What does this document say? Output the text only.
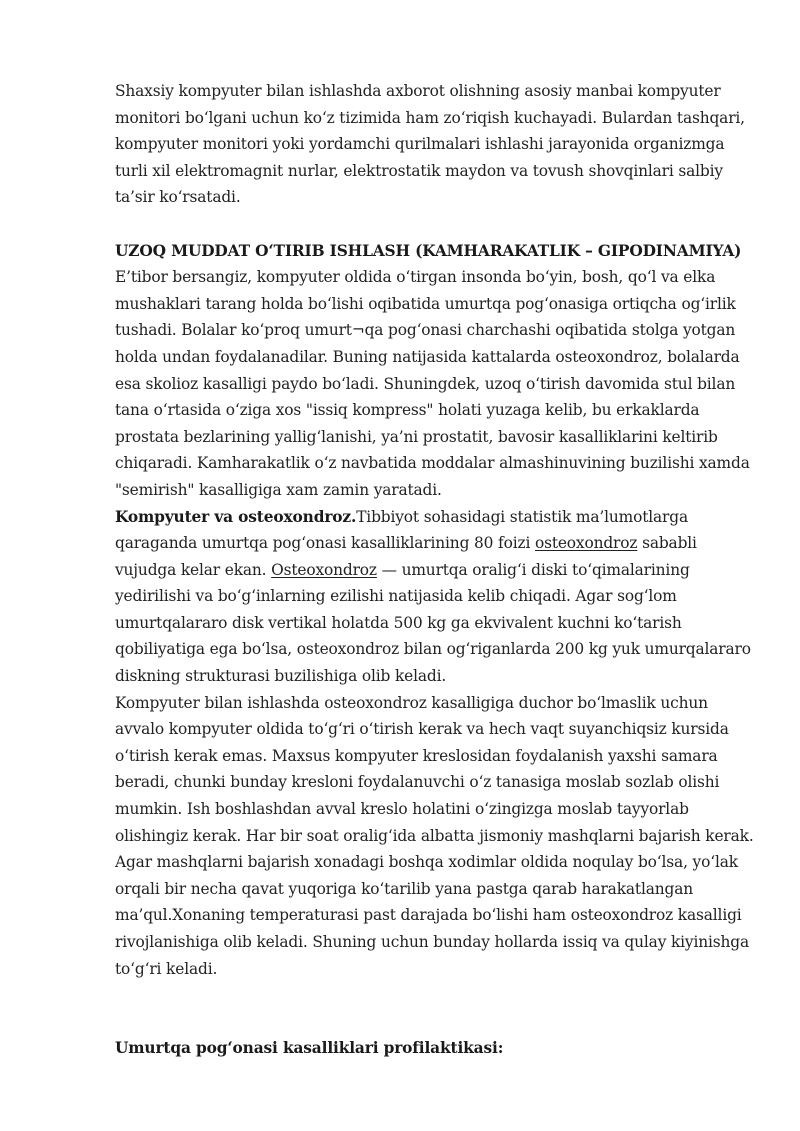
Shaxsiy kompyuter bilan ishlashda axborot olishning asosiy manbai kompyuter monitori bo‘lgani uchun ko‘z tizimida ham zo‘riqish kuchayadi. Bulardan tashqari, kompyuter monitori yoki yordamchi qurilmalari ishlashi jarayonida organizmga turli xil elektromagnit nurlar, elektrostatik maydon va tovush shovqinlari salbiy ta’sir ko‘rsatadi.

UZOQ MUDDAT O‘TIRIB ISHLASH (KAMHARAKATLIK – GIPODINAMIYA)

E’tibor bersangiz, kompyuter oldida o‘tirgan insonda bo‘yin, bosh, qo‘l va elka mushaklari tarang holda bo‘lishi oqibatida umurtqa pog‘onasiga ortiqcha og‘irlik tushadi. Bolalar ko‘proq umurt¬qa pog‘onasi charchashi oqibatida stolga yotgan holda undan foydalanadilar. Buning natijasida kattalarda osteoxondroz, bolalarda esa skolioz kasalligi paydo bo‘ladi. Shuningdek, uzoq o‘tirish davomida stul bilan tana o‘rtasida o‘ziga xos "issiq kompress" holati yuzaga kelib, bu erkaklarda prostata bezlarining yallig‘lanishi, ya’ni prostatit, bavosir kasalliklarini keltirib chiqaradi. Kamharakatlik o‘z navbatida moddalar almashinuvining buzilishi xamda "semirish" kasalligiga xam zamin yaratadi.

Kompyuter va osteoxondroz.Tibbiyot sohasidagi statistik ma’lumotlarga qaraganda umurtqa pog‘onasi kasalliklarining 80 foizi osteoxondroz sababli vujudga kelar ekan. Osteoxondroz — umurtqa oralig‘i diski to‘qimalarining yedirilishi va bo‘g‘inlarning ezilishi natijasida kelib chiqadi. Agar sog‘lom umurtqalararo disk vertikal holatda 500 kg ga ekvivalent kuchni ko‘tarish qobiliyatiga ega bo‘lsa, osteoxondroz bilan og‘riganlarda 200 kg yuk umurqalararo diskning strukturasi buzilishiga olib keladi.

Kompyuter bilan ishlashda osteoxondroz kasalligiga duchor bo‘lmaslik uchun avvalo kompyuter oldida to‘g‘ri o‘tirish kerak va hech vaqt suyanchiqsiz kursida o‘tirish kerak emas. Maxsus kompyuter kreslosidan foydalanish yaxshi samara beradi, chunki bunday kresloni foydalanuvchi o‘z tanasiga moslab sozlab olishi mumkin. Ish boshlashdan avval kreslo holatini o‘zingizga moslab tayyorlab olishingiz kerak. Har bir soat oralig‘ida albatta jismoniy mashqlarni bajarish kerak. Agar mashqlarni bajarish xonadagi boshqa xodimlar oldida noqulay bo‘lsa, yo‘lak orqali bir necha qavat yuqoriga ko‘tarilib yana pastga qarab harakatlangan ma’qul.Xonaning temperaturasi past darajada bo‘lishi ham osteoxondroz kasalligi rivojlanishiga olib keladi. Shuning uchun bunday hollarda issiq va qulay kiyinishga to‘g‘ri keladi.

Umurtqa pog‘onasi kasalliklari profilaktikasi:
